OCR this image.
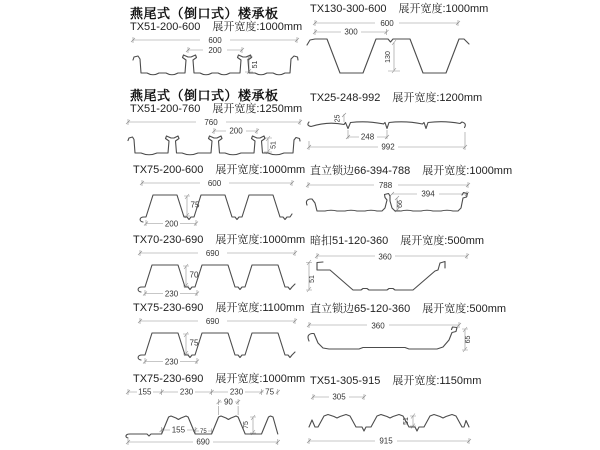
燕尾式（倒口式）楼承板
TX51-200-600 展开宽度:1000mm
600
200
51
燕尾式（倒口式）楼承板
TX51-200-760 展开宽度:1250mm
760
200
51
TX75-200-600 展开宽度:1000mm
600
75
200
TX70-230-690 展开宽度:1000mm
690
70
230
TX75-230-690 展开宽度:1100mm
690
75
230
TX75-230-690 展开宽度:1000mm
155	230	230	75
90
155 75
75
690
TX130-300-600 展开宽度:1000mm
600
300
130
TX25-248-992 展开宽度:1200mm
25
248
992
直立锁边66-394-788 展开宽度:1000mm
788
394
66
暗扣51-120-360 展开宽度:500mm
360
51
直立锁边65-120-360 展开宽度:500mm
360
65
TX51-305-915 展开宽度:1150mm
305
51
915
